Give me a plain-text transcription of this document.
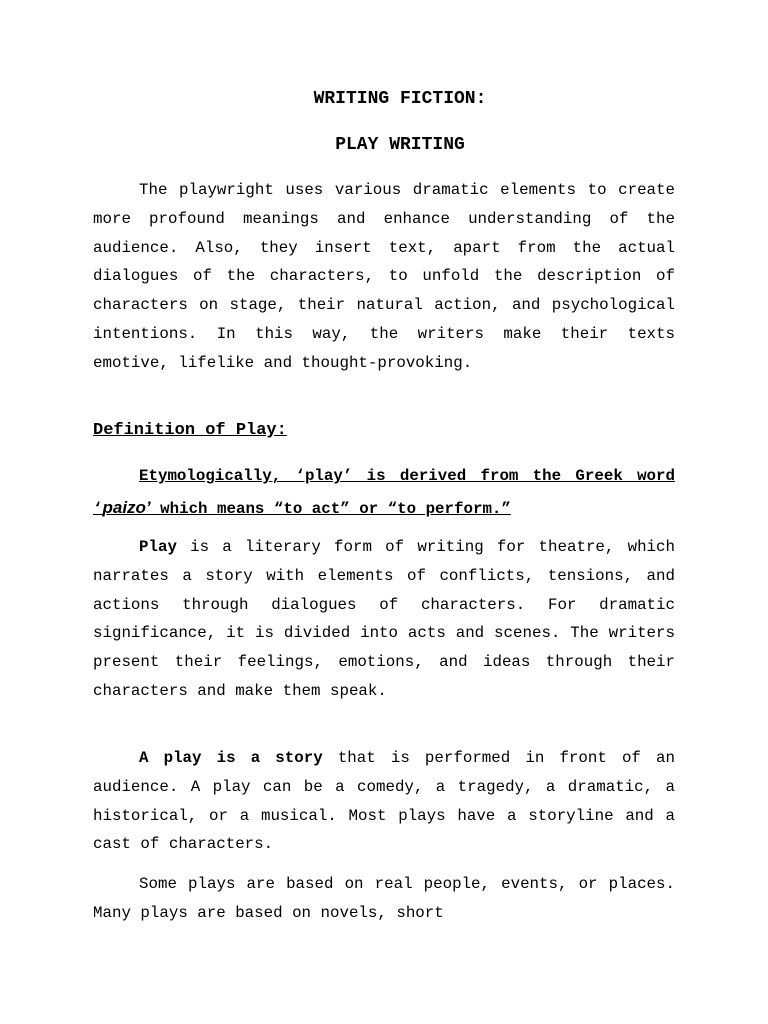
WRITING FICTION:
PLAY WRITING

The playwright uses various dramatic elements to create more profound meanings and enhance understanding of the audience. Also, they insert text, apart from the actual dialogues of the characters, to unfold the description of characters on stage, their natural action, and psychological intentions. In this way, the writers make their texts emotive, lifelike and thought-provoking.

Definition of Play:

Etymologically, ‘play’ is derived from the Greek word ‘paizo’ which means “to act” or “to perform.”

Play is a literary form of writing for theatre, which narrates a story with elements of conflicts, tensions, and actions through dialogues of characters. For dramatic significance, it is divided into acts and scenes. The writers present their feelings, emotions, and ideas through their characters and make them speak.

A play is a story that is performed in front of an audience. A play can be a comedy, a tragedy, a dramatic, a historical, or a musical. Most plays have a storyline and a cast of characters.

Some plays are based on real people, events, or places. Many plays are based on novels, short
